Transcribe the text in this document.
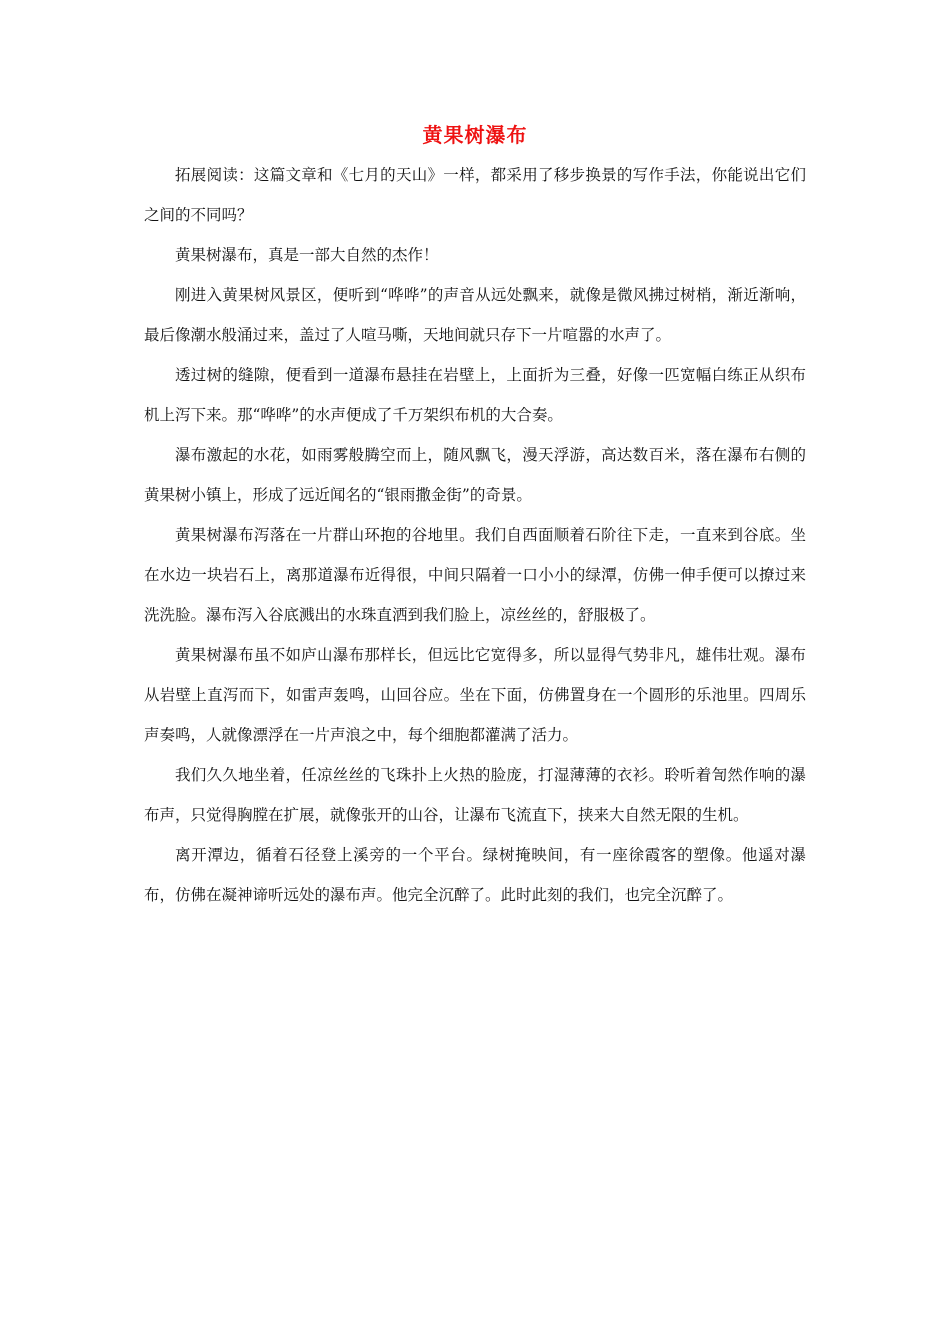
黄果树瀑布

拓展阅读：这篇文章和《七月的天山》一样，都采用了移步换景的写作手法，你能说出它们之间的不同吗？

黄果树瀑布，真是一部大自然的杰作！

刚进入黄果树风景区，便听到“哗哗”的声音从远处飘来，就像是微风拂过树梢，渐近渐响，最后像潮水般涌过来，盖过了人喧马嘶，天地间就只存下一片喧嚣的水声了。

透过树的缝隙，便看到一道瀑布悬挂在岩壁上，上面折为三叠，好像一匹宽幅白练正从织布机上泻下来。那“哗哗”的水声便成了千万架织布机的大合奏。

瀑布激起的水花，如雨雾般腾空而上，随风飘飞，漫天浮游，高达数百米，落在瀑布右侧的黄果树小镇上，形成了远近闻名的“银雨撒金街”的奇景。

黄果树瀑布泻落在一片群山环抱的谷地里。我们自西面顺着石阶往下走，一直来到谷底。坐在水边一块岩石上，离那道瀑布近得很，中间只隔着一口小小的绿潭，仿佛一伸手便可以撩过来洗洗脸。瀑布泻入谷底溅出的水珠直洒到我们脸上，凉丝丝的，舒服极了。

黄果树瀑布虽不如庐山瀑布那样长，但远比它宽得多，所以显得气势非凡，雄伟壮观。瀑布从岩壁上直泻而下，如雷声轰鸣，山回谷应。坐在下面，仿佛置身在一个圆形的乐池里。四周乐声奏鸣，人就像漂浮在一片声浪之中，每个细胞都灌满了活力。

我们久久地坐着，任凉丝丝的飞珠扑上火热的脸庞，打湿薄薄的衣衫。聆听着訇然作响的瀑布声，只觉得胸膛在扩展，就像张开的山谷，让瀑布飞流直下，挟来大自然无限的生机。

离开潭边，循着石径登上溪旁的一个平台。绿树掩映间，有一座徐霞客的塑像。他遥对瀑布，仿佛在凝神谛听远处的瀑布声。他完全沉醉了。此时此刻的我们，也完全沉醉了。
